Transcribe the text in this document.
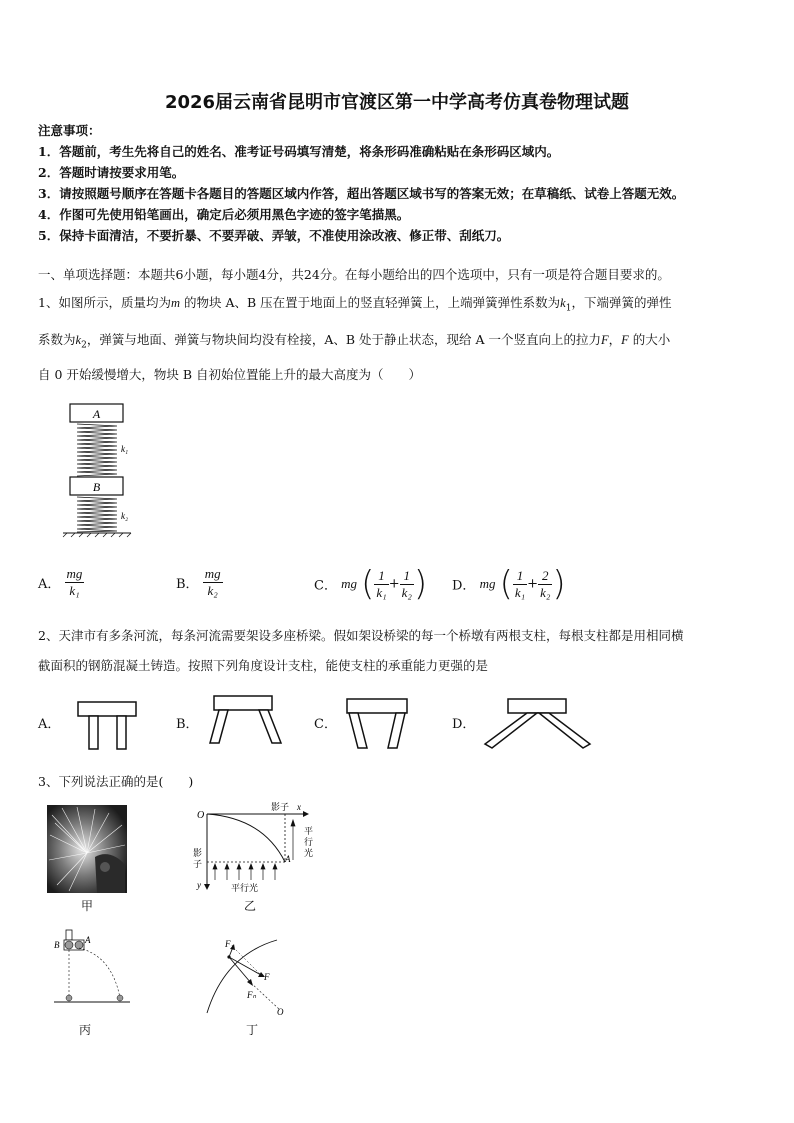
2026届云南省昆明市官渡区第一中学高考仿真卷物理试题
注意事项：
1．答题前，考生先将自己的姓名、准考证号码填写清楚，将条形码准确粘贴在条形码区域内。
2．答题时请按要求用笔。
3．请按照题号顺序在答题卡各题目的答题区域内作答，超出答题区域书写的答案无效；在草稿纸、试卷上答题无效。
4．作图可先使用铅笔画出，确定后必须用黑色字迹的签字笔描黑。
5．保持卡面清洁，不要折暴、不要弄破、弄皱，不准使用涂改液、修正带、刮纸刀。
一、单项选择题：本题共6小题，每小题4分，共24分。在每小题给出的四个选项中，只有一项是符合题目要求的。
1、如图所示，质量均为m 的物块 A、B 压在置于地面上的竖直轻弹簧上，上端弹簧弹性系数为$k_1$，下端弹簧的弹性
系数为$k_2$，弹簧与地面、弹簧与物块间均没有栓接，A、B 处于静止状态，现给 A 一个竖直向上的拉力F，F 的大小
自 0 开始缓慢增大，物块 B 自初始位置能上升的最大高度为（　　）
A
k₁
B
k₂
A． $\frac{mg}{\text{k₁}}$	B． $\frac{mg}{\text{k₂}}$	C． mg ( $\frac{1}{\text{k₁}} + \frac{1}{\text{k₂}}$ ) D． mg ( $\frac{1}{\text{k₁}} + \frac{2}{\text{k₂}}$ )
2、天津市有多条河流，每条河流需要架设多座桥梁。假如架设桥梁的每一个桥墩有两根支柱，每根支柱都是用相同横
截面积的钢筋混凝土铸造。按照下列角度设计支柱，能使支柱的承重能力更强的是
A．	B．	C．	D．
3、下列说法正确的是(　　)
甲
O
影子 x
平
行
光
影
子	A
y	平行光
乙
B	A
丙
F₁
F
Fₙ
O
丁
